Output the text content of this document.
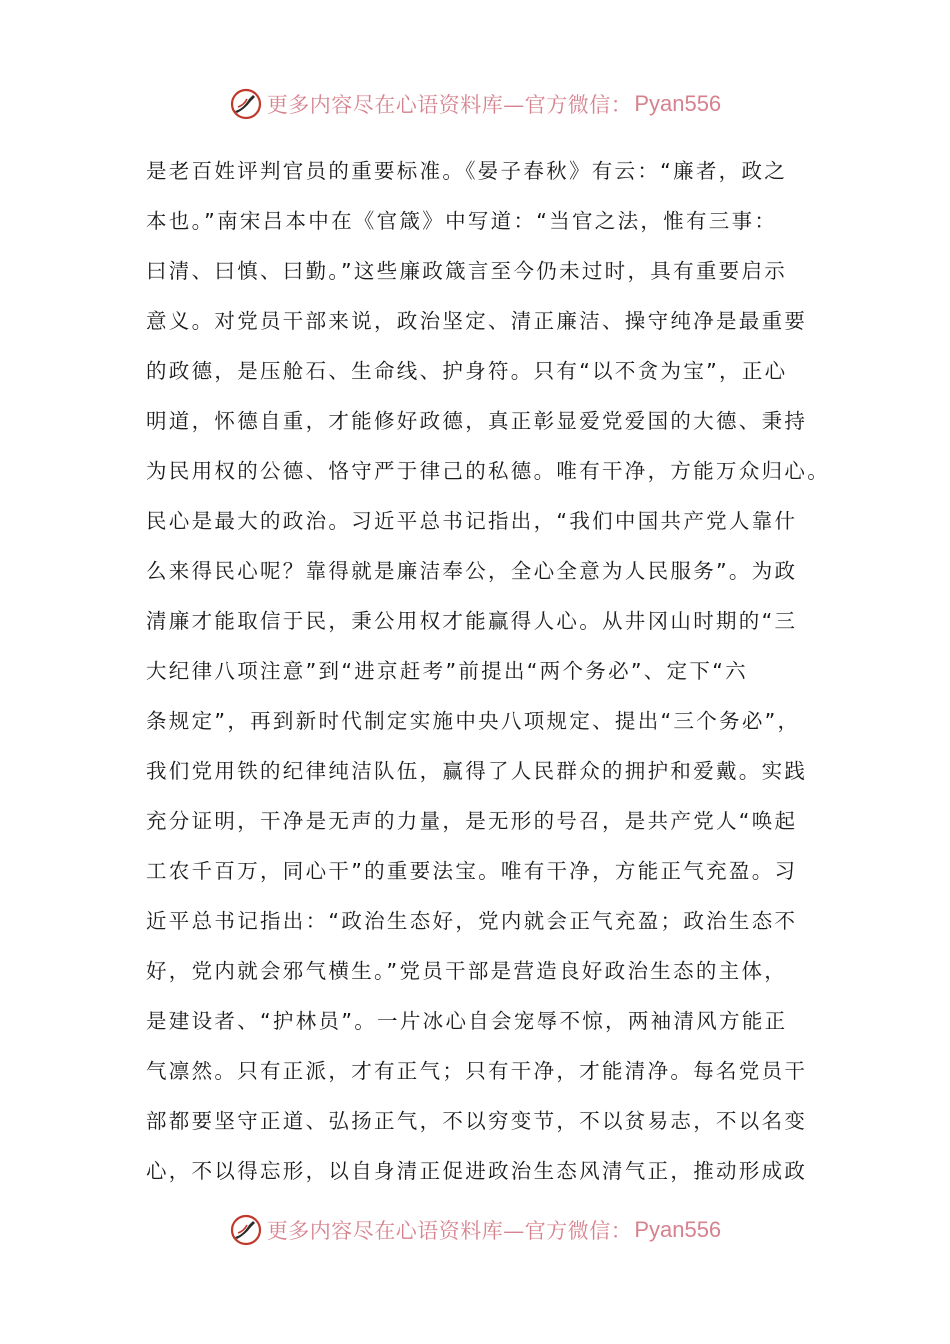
更多内容尽在心语资料库—官方微信： Pyan556
是老百姓评判官员的重要标准。《晏子春秋》有云：“廉者，政之
本也。”南宋吕本中在《官箴》中写道：“当官之法，惟有三事：
曰清、曰慎、曰勤。”这些廉政箴言至今仍未过时，具有重要启示
意义。对党员干部来说，政治坚定、清正廉洁、操守纯净是最重要
的政德，是压舱石、生命线、护身符。只有“以不贪为宝”，正心
明道，怀德自重，才能修好政德，真正彰显爱党爱国的大德、秉持
为民用权的公德、恪守严于律己的私德。唯有干净，方能万众归心。
民心是最大的政治。习近平总书记指出，“我们中国共产党人靠什
么来得民心呢？靠得就是廉洁奉公，全心全意为人民服务”。为政
清廉才能取信于民，秉公用权才能赢得人心。从井冈山时期的“三
大纪律八项注意”到“进京赶考”前提出“两个务必”、定下“六
条规定”，再到新时代制定实施中央八项规定、提出“三个务必”，
我们党用铁的纪律纯洁队伍，赢得了人民群众的拥护和爱戴。实践
充分证明，干净是无声的力量，是无形的号召，是共产党人“唤起
工农千百万，同心干”的重要法宝。唯有干净，方能正气充盈。习
近平总书记指出：“政治生态好，党内就会正气充盈；政治生态不
好，党内就会邪气横生。”党员干部是营造良好政治生态的主体，
是建设者、“护林员”。一片冰心自会宠辱不惊，两袖清风方能正
气凛然。只有正派，才有正气；只有干净，才能清净。每名党员干
部都要坚守正道、弘扬正气，不以穷变节，不以贫易志，不以名变
心，不以得忘形，以自身清正促进政治生态风清气正，推动形成政
更多内容尽在心语资料库—官方微信： Pyan556
